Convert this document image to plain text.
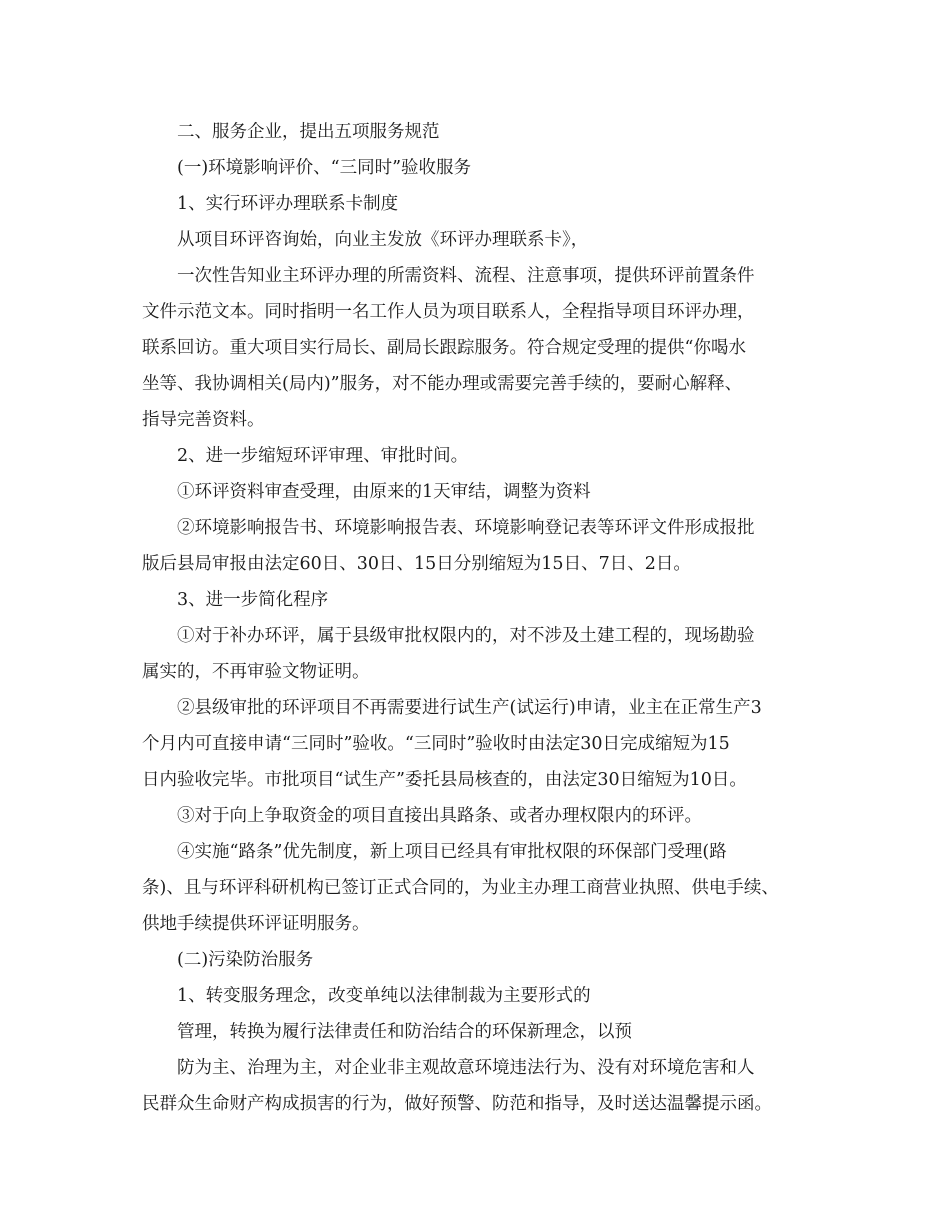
二、服务企业，提出五项服务规范
(一)环境影响评价、“三同时”验收服务
1、实行环评办理联系卡制度
从项目环评咨询始，向业主发放《环评办理联系卡》，
一次性告知业主环评办理的所需资料、流程、注意事项，提供环评前置条件
文件示范文本。同时指明一名工作人员为项目联系人，全程指导项目环评办理，
联系回访。重大项目实行局长、副局长跟踪服务。符合规定受理的提供“你喝水
坐等、我协调相关(局内)”服务，对不能办理或需要完善手续的，要耐心解释、
指导完善资料。
2、进一步缩短环评审理、审批时间。
①环评资料审查受理，由原来的1天审结，调整为资料
②环境影响报告书、环境影响报告表、环境影响登记表等环评文件形成报批
版后县局审报由法定60日、30日、15日分别缩短为15日、7日、2日。
3、进一步简化程序
①对于补办环评，属于县级审批权限内的，对不涉及土建工程的，现场勘验
属实的，不再审验文物证明。
②县级审批的环评项目不再需要进行试生产(试运行)申请，业主在正常生产3
个月内可直接申请“三同时”验收。“三同时”验收时由法定30日完成缩短为15
日内验收完毕。市批项目“试生产”委托县局核查的，由法定30日缩短为10日。
③对于向上争取资金的项目直接出具路条、或者办理权限内的环评。
④实施“路条”优先制度，新上项目已经具有审批权限的环保部门受理(路
条)、且与环评科研机构已签订正式合同的，为业主办理工商营业执照、供电手续、
供地手续提供环评证明服务。
(二)污染防治服务
1、转变服务理念，改变单纯以法律制裁为主要形式的
管理，转换为履行法律责任和防治结合的环保新理念，以预
防为主、治理为主，对企业非主观故意环境违法行为、没有对环境危害和人
民群众生命财产构成损害的行为，做好预警、防范和指导，及时送达温馨提示函。
